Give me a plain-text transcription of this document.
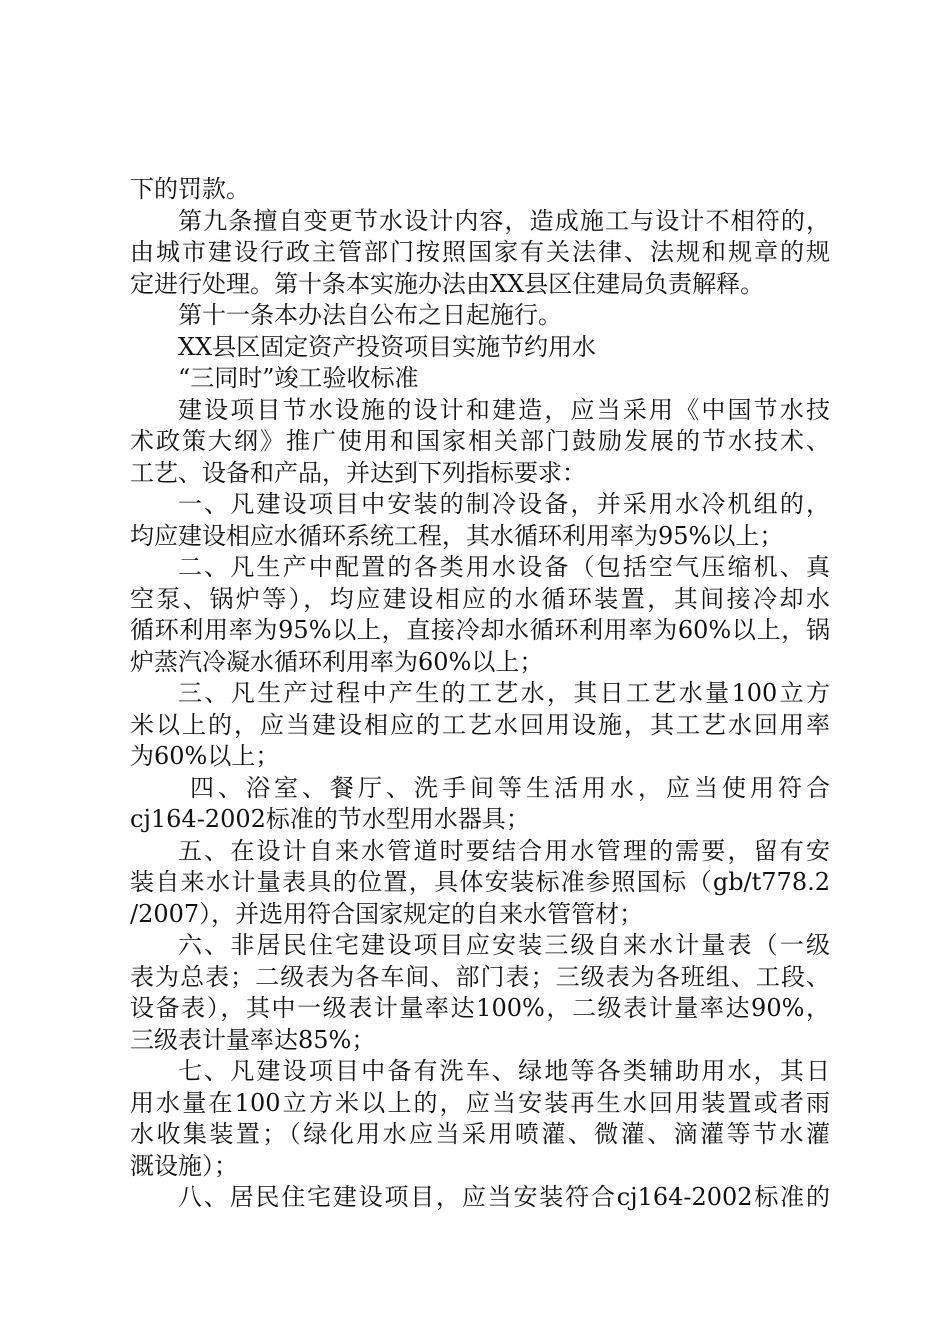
下的罚款。
第九条擅自变更节水设计内容，造成施工与设计不相符的，
由城市建设行政主管部门按照国家有关法律、法规和规章的规
定进行处理。第十条本实施办法由XX县区住建局负责解释。
第十一条本办法自公布之日起施行。
XX县区固定资产投资项目实施节约用水
“三同时”竣工验收标准
建设项目节水设施的设计和建造，应当采用《中国节水技
术政策大纲》推广使用和国家相关部门鼓励发展的节水技术、
工艺、设备和产品，并达到下列指标要求：
一、凡建设项目中安装的制冷设备，并采用水冷机组的，
均应建设相应水循环系统工程，其水循环利用率为95%以上；
二、凡生产中配置的各类用水设备（包括空气压缩机、真
空泵、锅炉等），均应建设相应的水循环装置，其间接冷却水
循环利用率为95%以上，直接冷却水循环利用率为60%以上，锅
炉蒸汽冷凝水循环利用率为60%以上；
三、凡生产过程中产生的工艺水，其日工艺水量100立方
米以上的，应当建设相应的工艺水回用设施，其工艺水回用率
为60%以上；
四、浴室、餐厅、洗手间等生活用水，应当使用符合
cj164-2002标准的节水型用水器具；
五、在设计自来水管道时要结合用水管理的需要，留有安
装自来水计量表具的位置，具体安装标准参照国标（gb/t778.2
/2007），并选用符合国家规定的自来水管管材；
六、非居民住宅建设项目应安装三级自来水计量表（一级
表为总表；二级表为各车间、部门表；三级表为各班组、工段、
设备表），其中一级表计量率达100%，二级表计量率达90%，
三级表计量率达85%；
七、凡建设项目中备有洗车、绿地等各类辅助用水，其日
用水量在100立方米以上的，应当安装再生水回用装置或者雨
水收集装置；（绿化用水应当采用喷灌、微灌、滴灌等节水灌
溉设施）；
八、居民住宅建设项目，应当安装符合cj164-2002标准的
